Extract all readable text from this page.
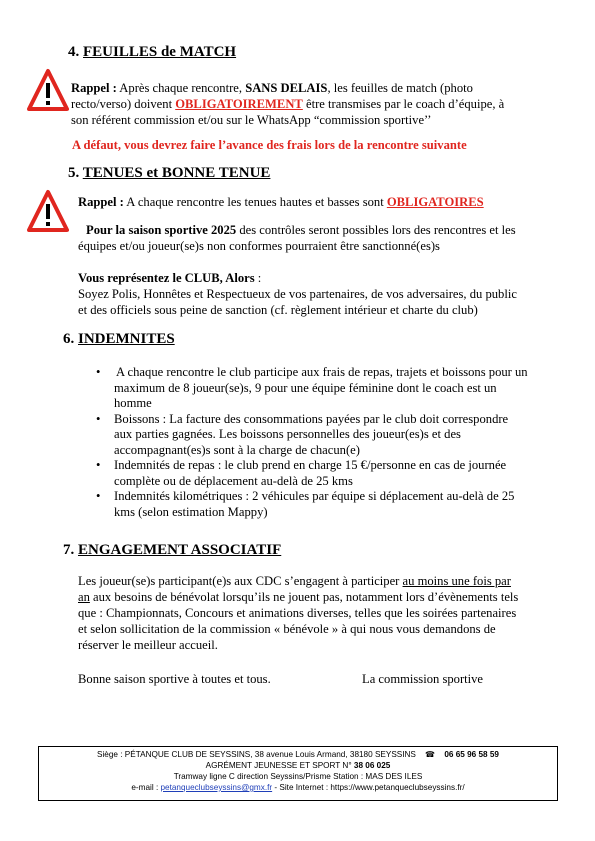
4. FEUILLES de MATCH
Rappel : Après chaque rencontre, SANS DELAIS, les feuilles de match (photo
recto/verso) doivent OBLIGATOIREMENT être transmises par le coach d’équipe, à
son référent commission et/ou sur le WhatsApp “commission sportive’’
A défaut, vous devrez faire l’avance des frais lors de la rencontre suivante
5. TENUES et BONNE TENUE
Rappel : A chaque rencontre les tenues hautes et basses sont OBLIGATOIRES
Pour la saison sportive 2025 des contrôles seront possibles lors des rencontres et les
équipes et/ou joueur(se)s non conformes pourraient être sanctionné(es)s
Vous représentez le CLUB, Alors :
Soyez Polis, Honnêtes et Respectueux de vos partenaires, de vos adversaires, du public
et des officiels sous peine de sanction (cf. règlement intérieur et charte du club)
6. INDEMNITES
• A chaque rencontre le club participe aux frais de repas, trajets et boissons pour un
maximum de 8 joueur(se)s, 9 pour une équipe féminine dont le coach est un
homme
• Boissons : La facture des consommations payées par le club doit correspondre
aux parties gagnées. Les boissons personnelles des joueur(es)s et des
accompagnant(es)s sont à la charge de chacun(e)
• Indemnités de repas : le club prend en charge 15 €/personne en cas de journée
complète ou de déplacement au-delà de 25 kms
• Indemnités kilométriques : 2 véhicules par équipe si déplacement au-delà de 25
kms (selon estimation Mappy)
7. ENGAGEMENT ASSOCIATIF
Les joueur(se)s participant(e)s aux CDC s’engagent à participer au moins une fois par
an aux besoins de bénévolat lorsqu’ils ne jouent pas, notamment lors d’évènements tels
que : Championnats, Concours et animations diverses, telles que les soirées partenaires
et selon sollicitation de la commission « bénévole » à qui nous vous demandons de
réserver le meilleur accueil.
Bonne saison sportive à toutes et tous.	La commission sportive
Siège : PÉTANQUE CLUB DE SEYSSINS, 38 avenue Louis Armand, 38180 SEYSSINS ☎ 06 65 96 58 59
AGRÉMENT JEUNESSE ET SPORT N° 38 06 025
Tramway ligne C direction Seyssins/Prisme Station : MAS DES ILES
e-mail : petanqueclubseyssins@gmx.fr - Site Internet : https://www.petanqueclubseyssins.fr/
